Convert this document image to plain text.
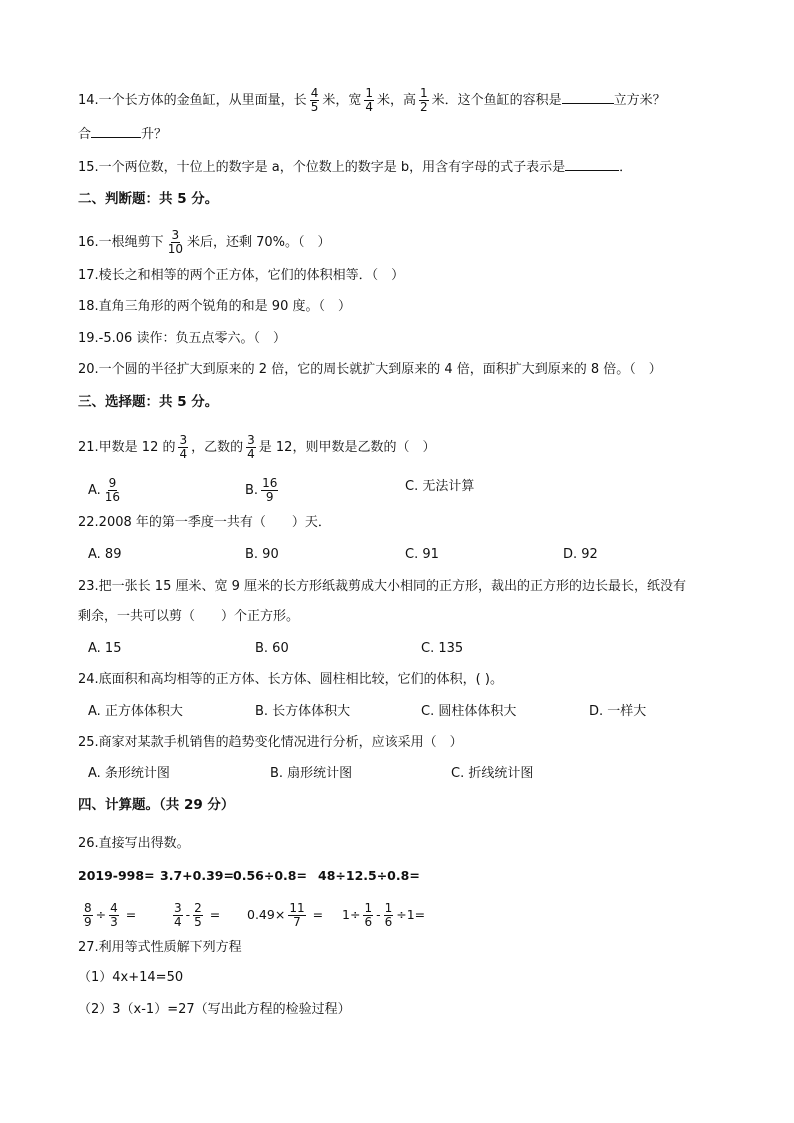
14.一个长方体的金鱼缸，从里面量，长 $\frac{4}{5}$ 米，宽 $\frac{1}{4}$ 米，高 $\frac{1}{2}$ 米．这个鱼缸的容积是	立方米？
合	升？
15.一个两位数，十位上的数字是 a，个位数上的数字是 b，用含有字母的式子表示是	．
二、判断题：共 5 分。
16.一根绳剪下 $\frac{3}{10}$ 米后，还剩 70%。（　）
17.棱长之和相等的两个正方体，它们的体积相等．（　）
18.直角三角形的两个锐角的和是 90 度。（　）
19.-5.06 读作：负五点零六。（　）
20.一个圆的半径扩大到原来的 2 倍，它的周长就扩大到原来的 4 倍，面积扩大到原来的 8 倍。（　）
三、选择题：共 5 分。
21.甲数是 12 的 $\frac{3}{4}$ ，乙数的 $\frac{3}{4}$ 是 12，则甲数是乙数的（　）
A. $\frac{9}{16}$	B. $\frac{16}{9}$	C. 无法计算
22.2008 年的第一季度一共有（　　）天．
A. 89	B. 90	C. 91	D. 92
23.把一张长 15 厘米、宽 9 厘米的长方形纸裁剪成大小相同的正方形，裁出的正方形的边长最长，纸没有
剩余，一共可以剪（　　）个正方形。
A. 15	B. 60	C. 135
24.底面积和高均相等的正方体、长方体、圆柱相比较，它们的体积，( )。
A. 正方体体积大	B. 长方体体积大	C. 圆柱体体积大	D. 一样大
25.商家对某款手机销售的趋势变化情况进行分析，应该采用（　）
A. 条形统计图	B. 扇形统计图	C. 折线统计图
四、计算题。（共 29 分）
26.直接写出得数。
2019-998= 3.7+0.39= 0.56÷0.8= 48÷12.5÷0.8=
$\frac{8}{9} \div \frac{4}{3}$ =	$\frac{3}{4} - \frac{2}{5} = 0.49\times \frac{11}{7} = 1\div \frac{1}{6} - \frac{1}{6} \div 1=$
27.利用等式性质解下列方程
（1）4x+14=50
（2）3（x-1）=27（写出此方程的检验过程）
